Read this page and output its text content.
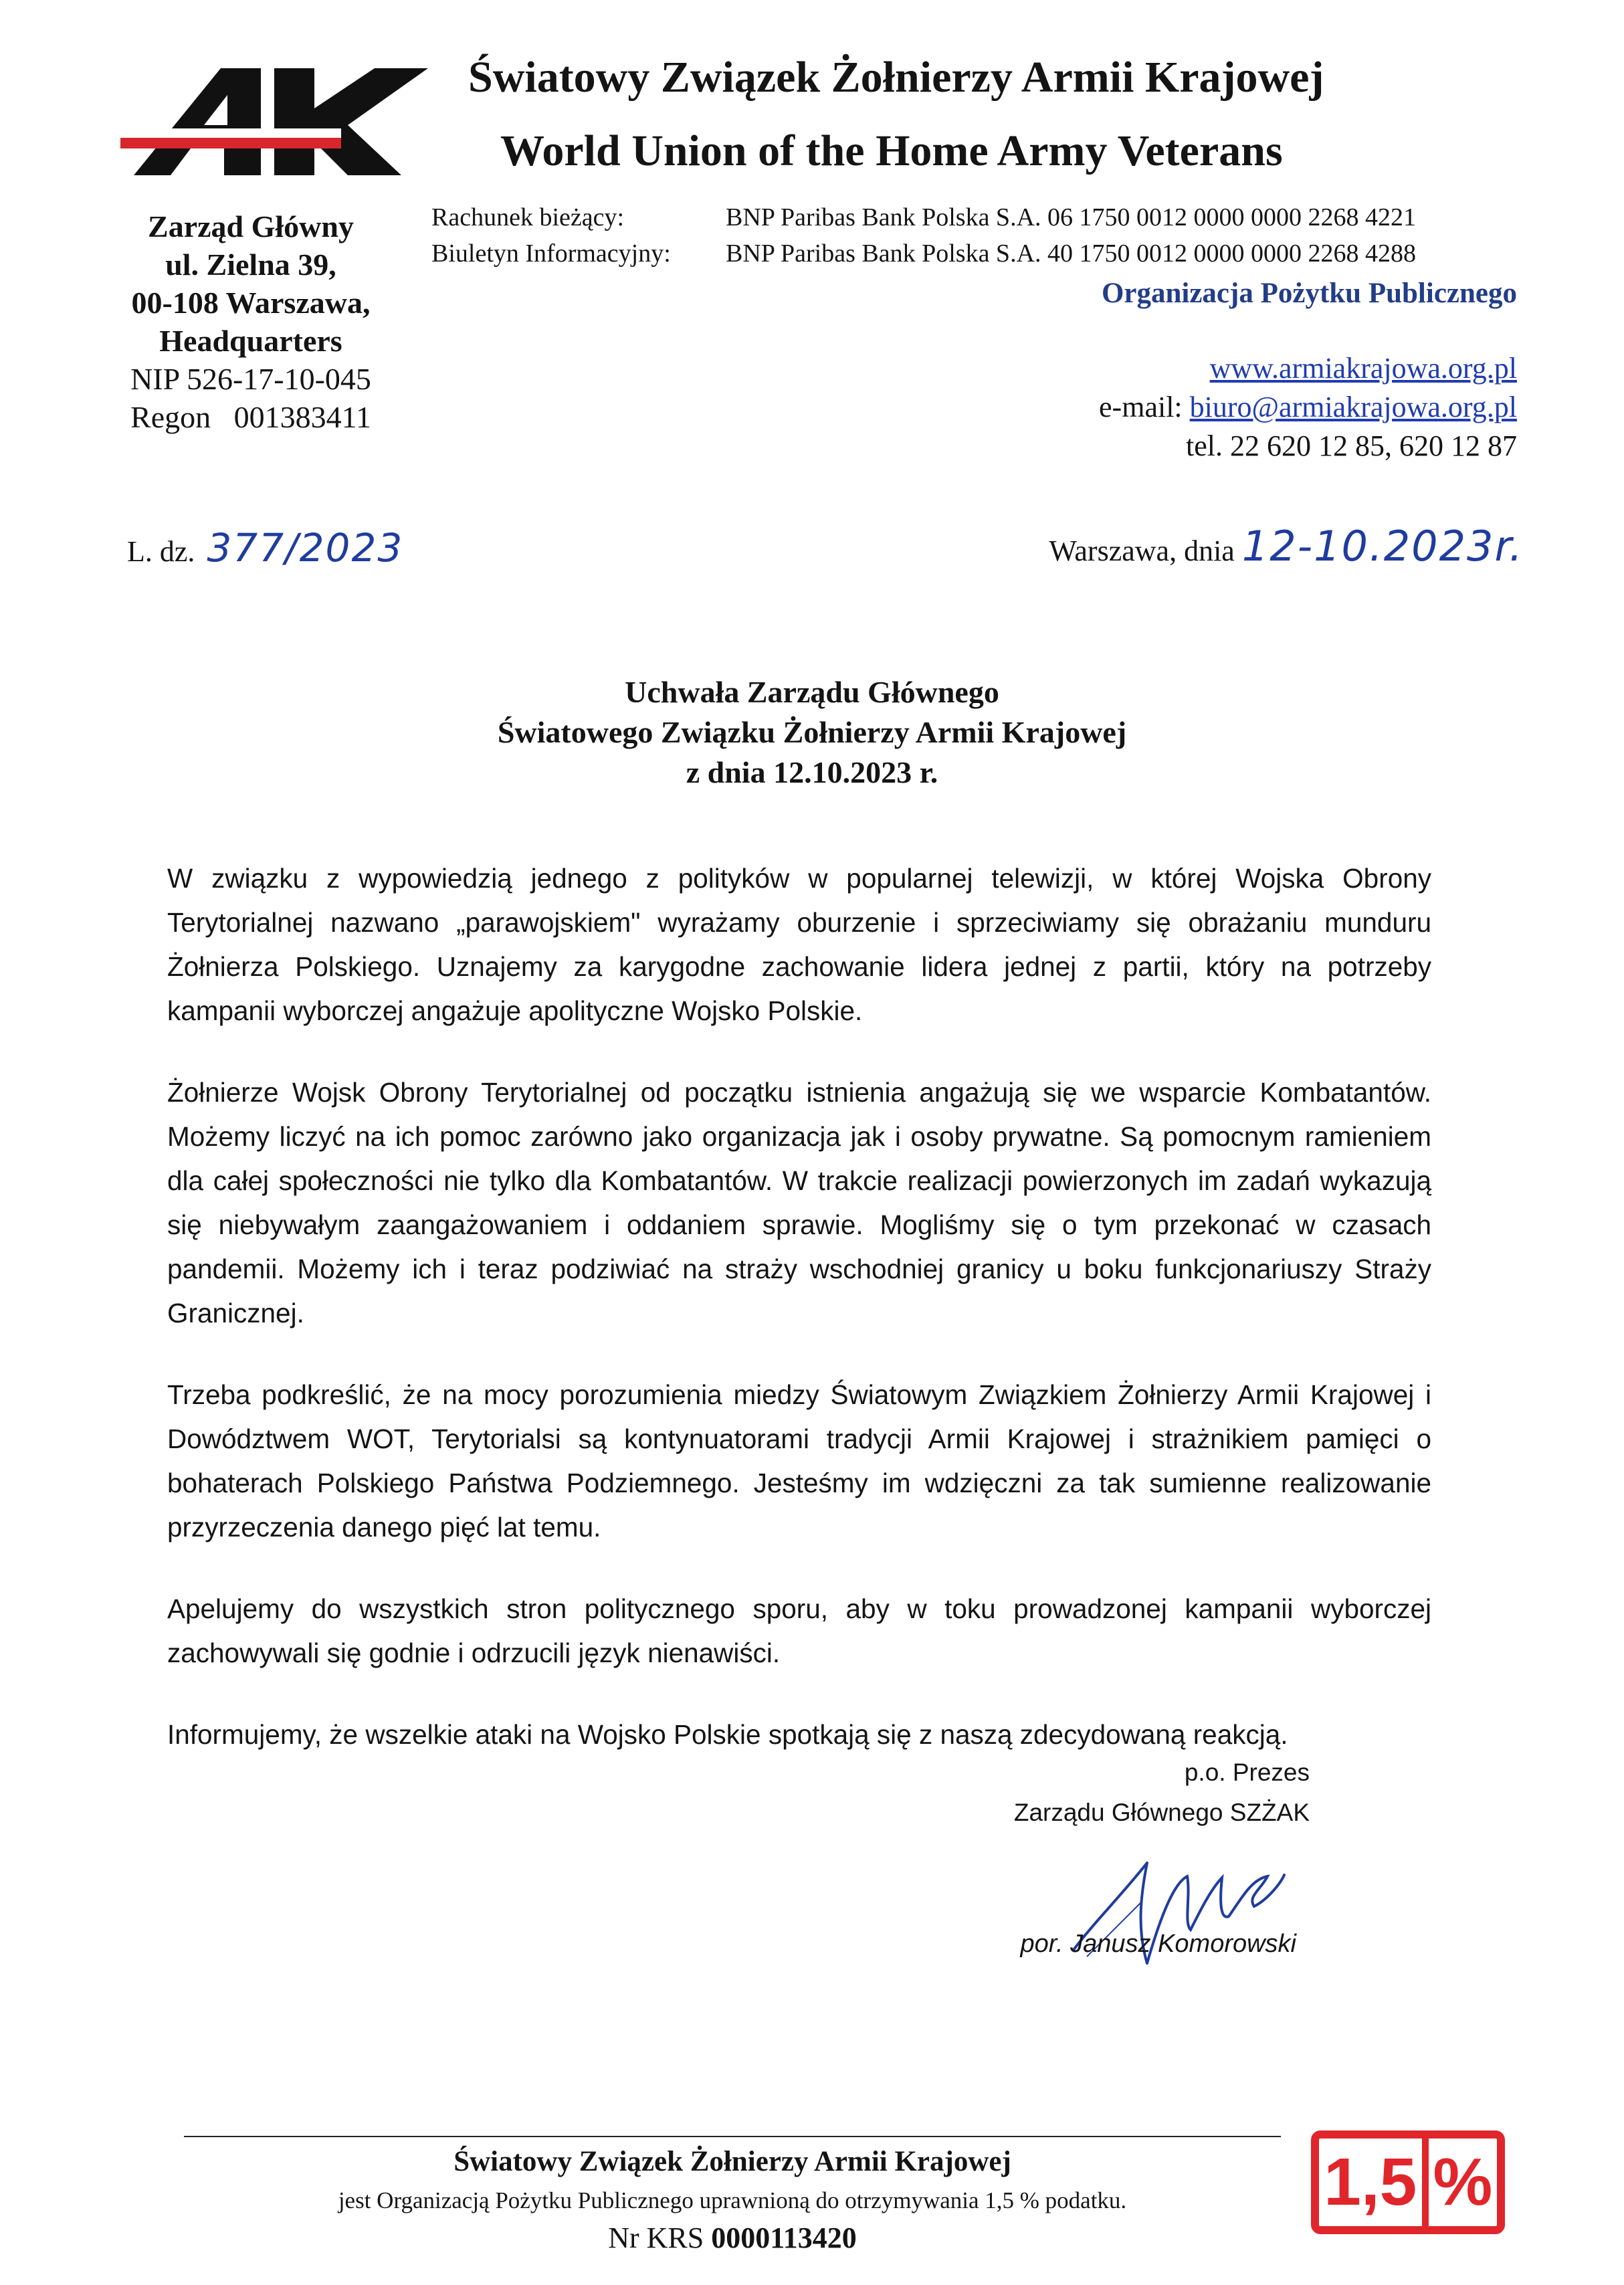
Światowy Związek Żołnierzy Armii Krajowej
World Union of the Home Army Veterans
Zarząd Główny
ul. Zielna 39,
00-108 Warszawa,
Headquarters
NIP 526-17-10-045
Regon   001383411
Rachunek bieżący:	BNP Paribas Bank Polska S.A. 06 1750 0012 0000 0000 2268 4221
Biuletyn Informacyjny: BNP Paribas Bank Polska S.A. 40 1750 0012 0000 0000 2268 4288
Organizacja Pożytku Publicznego
www.armiakrajowa.org.pl
e-mail: biuro@armiakrajowa.org.pl
tel. 22 620 12 85, 620 12 87
L. dz. 377/2023	Warszawa, dnia 12-10.2023r.
Uchwała Zarządu Głównego
Światowego Związku Żołnierzy Armii Krajowej
z dnia 12.10.2023 r.

W związku z wypowiedzią jednego z polityków w popularnej telewizji, w której Wojska Obrony Terytorialnej nazwano „parawojskiem" wyrażamy oburzenie i sprzeciwiamy się obrażaniu munduru Żołnierza Polskiego. Uznajemy za karygodne zachowanie lidera jednej z partii, który na potrzeby kampanii wyborczej angażuje apolityczne Wojsko Polskie.

Żołnierze Wojsk Obrony Terytorialnej od początku istnienia angażują się we wsparcie Kombatantów. Możemy liczyć na ich pomoc zarówno jako organizacja jak i osoby prywatne. Są pomocnym ramieniem dla całej społeczności nie tylko dla Kombatantów. W trakcie realizacji powierzonych im zadań wykazują się niebywałym zaangażowaniem i oddaniem sprawie. Mogliśmy się o tym przekonać w czasach pandemii. Możemy ich i teraz podziwiać na straży wschodniej granicy u boku funkcjonariuszy Straży Granicznej.

Trzeba podkreślić, że na mocy porozumienia miedzy Światowym Związkiem Żołnierzy Armii Krajowej i Dowództwem WOT, Terytorialsi są kontynuatorami tradycji Armii Krajowej i strażnikiem pamięci o bohaterach Polskiego Państwa Podziemnego. Jesteśmy im wdzięczni za tak sumienne realizowanie przyrzeczenia danego pięć lat temu.

Apelujemy do wszystkich stron politycznego sporu, aby w toku prowadzonej kampanii wyborczej zachowywali się godnie i odrzucili język nienawiści.

Informujemy, że wszelkie ataki na Wojsko Polskie spotkają się z naszą zdecydowaną reakcją.

p.o. Prezes
Zarządu Głównego SZŻAK
por. Janusz Komorowski
Światowy Związek Żołnierzy Armii Krajowej
jest Organizacją Pożytku Publicznego uprawnioną do otrzymywania 1,5 % podatku.
Nr KRS 0000113420
1,5 %
